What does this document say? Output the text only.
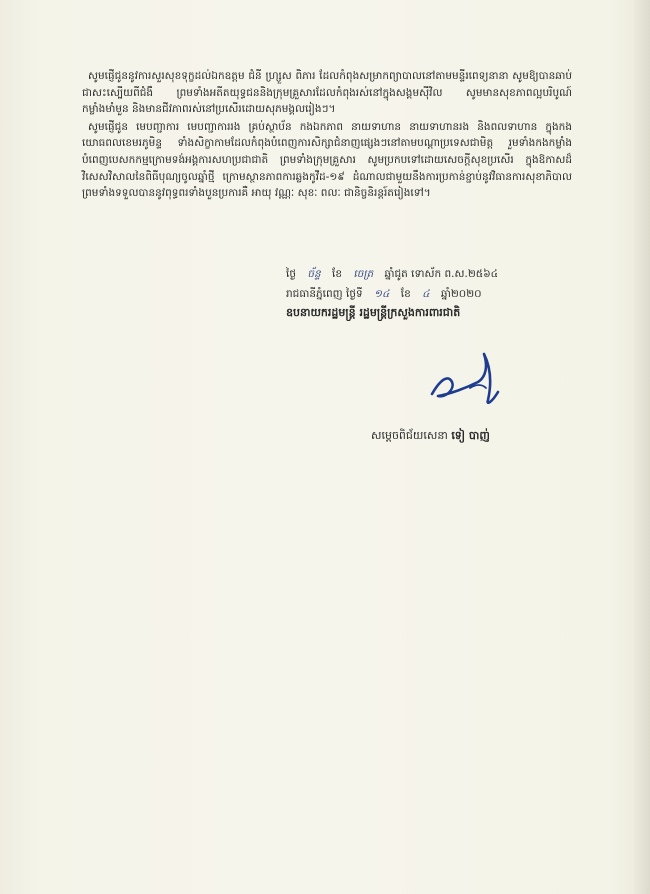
សូមផ្ញើជូននូវការសួរសុខទុក្ខដល់ឯកឧត្តម ជំនី ហ្ស្រួស ពិភារ ដែលកំពុងសម្រាកព្យាបាលនៅតាមមន្ទីរពេទ្យនានា សូមឱ្យបានឆាប់ជាសះស្បើយពីជំងឺ ព្រមទាំងអតីតយុទ្ធជននិងក្រុមគ្រួសារដែលកំពុងរស់នៅក្នុងសង្គមស៊ីវិល សូមមានសុខភាពល្អបរិបូណ៍ កម្លាំងមាំមួន និងមានជីវភាពរស់នៅប្រសើរដោយសុភមង្គលរៀងៗ។

សូមផ្ញើជូន មេបញ្ជាការ មេបញ្ជាការរង គ្រប់ស្ថាប័ន កងឯកភាព នាយទាហាន នាយទាហានរង និងពលទាហាន ក្នុងកងយោធពលខេមរភូមិន្ទ ទាំងសិក្ខាកាមដែលកំពុងបំពេញការសិក្សាជំនាញផ្សេងៗនៅតាមបណ្ដាប្រទេសជាមិត្ត រួមទាំងកងកម្លាំងបំពេញបេសកកម្មក្រោមទង់អង្គការសហប្រជាជាតិ ព្រមទាំងក្រុមគ្រួសារ សូមប្រកបទៅដោយសេចក្ដីសុខប្រសើរ ក្នុងឱកាសដ៏វិសេសវិសាលនៃពិធីបុណ្យចូលឆ្នាំថ្មី ក្រោមស្ថានភាពការឆ្លងកូវីដ-១៩ ដំណាលជាមួយនឹងការប្រកាន់ខ្ជាប់នូវវិធានការសុខាភិបាល ព្រមទាំងទទួលបាននូវពុទ្ធពរទាំងបួនប្រការគឺ អាយុ វណ្ណៈ សុខៈ ពលៈ ជានិច្ចនិរន្តរ៍តរៀងទៅ។

ថ្ងៃ ច័ន្ទ ខែ ចេត្រ ឆ្នាំជូត ទោស័ក ព.ស.២៥៦៤
រាជធានីភ្នំពេញ ថ្ងៃទី ១៤ ខែ ៤ ឆ្នាំ២០២០
ឧបនាយករដ្ឋមន្ត្រី រដ្ឋមន្ត្រីក្រសួងការពារជាតិ
សម្ដេចពិជ័យសេនា ទៀ បាញ់
